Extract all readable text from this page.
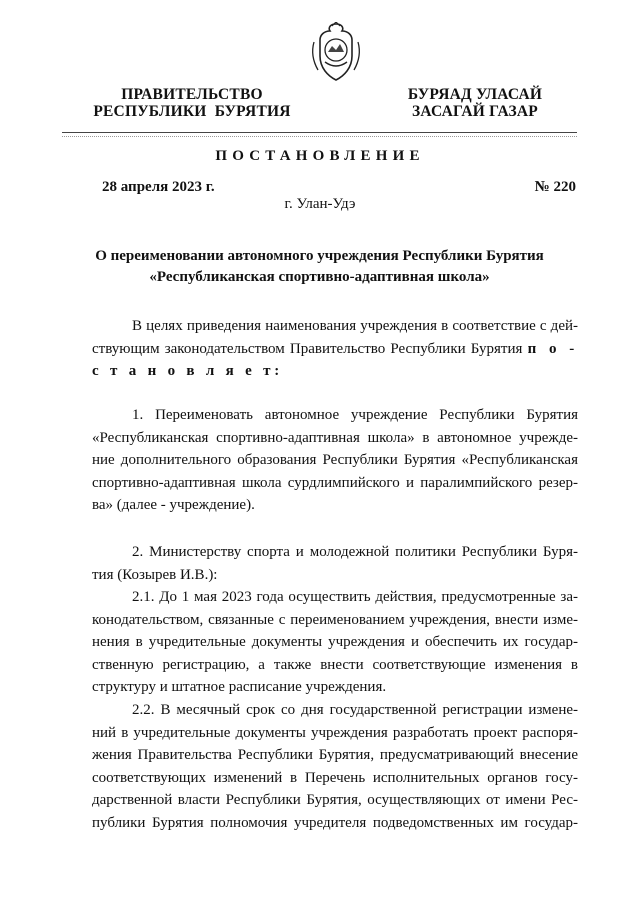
ПРАВИТЕЛЬСТВО
РЕСПУБЛИКИ  БУРЯТИЯ
БУРЯАД УЛАСАЙ
ЗАСАГАЙ ГАЗАР
ПОСТАНОВЛЕНИЕ
28 апреля 2023 г.	№ 220
г. Улан-Удэ
О переименовании автономного учреждения Республики Бурятия
«Республиканская спортивно-адаптивная школа»
В целях приведения наименования учреждения в соответствие с дей-
ствующим законодательством Правительство Республики Бурятия п о -
с т а н о в л я е т:
1. Переименовать автономное учреждение Республики Бурятия
«Республиканская спортивно-адаптивная школа» в автономное учрежде-
ние дополнительного образования Республики Бурятия «Республиканская
спортивно-адаптивная школа сурдлимпийского и паралимпийского резер-
ва» (далее - учреждение).
2. Министерству спорта и молодежной политики Республики Буря-
тия (Козырев И.В.):
2.1. До 1 мая 2023 года осуществить действия, предусмотренные за-
конодательством, связанные с переименованием учреждения, внести изме-
нения в учредительные документы учреждения и обеспечить их государ-
ственную регистрацию, а также внести соответствующие изменения в
структуру и штатное расписание учреждения.
2.2. В месячный срок со дня государственной регистрации измене-
ний в учредительные документы учреждения разработать проект распоря-
жения Правительства Республики Бурятия, предусматривающий внесение
соответствующих изменений в Перечень исполнительных органов госу-
дарственной власти Республики Бурятия, осуществляющих от имени Рес-
публики Бурятия полномочия учредителя подведомственных им государ-
